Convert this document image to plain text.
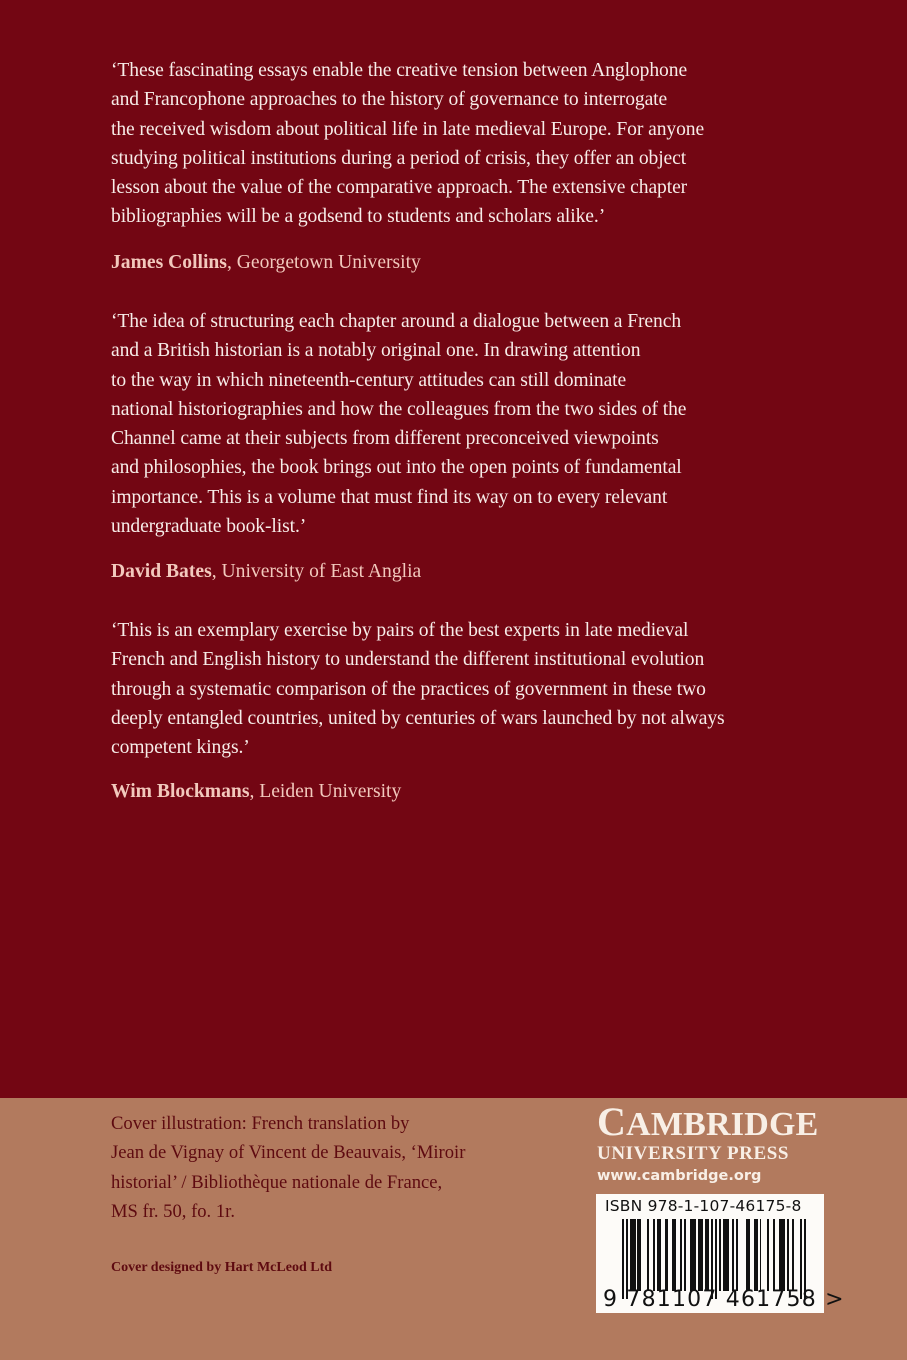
‘These fascinating essays enable the creative tension between Anglophone
and Francophone approaches to the history of governance to interrogate
the received wisdom about political life in late medieval Europe. For anyone
studying political institutions during a period of crisis, they offer an object
lesson about the value of the comparative approach. The extensive chapter
bibliographies will be a godsend to students and scholars alike.’
James Collins, Georgetown University
‘The idea of structuring each chapter around a dialogue between a French
and a British historian is a notably original one. In drawing attention
to the way in which nineteenth-century attitudes can still dominate
national historiographies and how the colleagues from the two sides of the
Channel came at their subjects from different preconceived viewpoints
and philosophies, the book brings out into the open points of fundamental
importance. This is a volume that must find its way on to every relevant
undergraduate book-list.’
David Bates, University of East Anglia
‘This is an exemplary exercise by pairs of the best experts in late medieval
French and English history to understand the different institutional evolution
through a systematic comparison of the practices of government in these two
deeply entangled countries, united by centuries of wars launched by not always
competent kings.’
Wim Blockmans, Leiden University
Cover illustration: French translation by
Jean de Vignay of Vincent de Beauvais, ‘Miroir
historial’ / Bibliothèque nationale de France,
MS fr. 50, fo. 1r.
Cover designed by Hart McLeod Ltd
CAMBRIDGE
UNIVERSITY PRESS
www.cambridge.org
ISBN 978-1-107-46175-8
9 781107 461758 >
